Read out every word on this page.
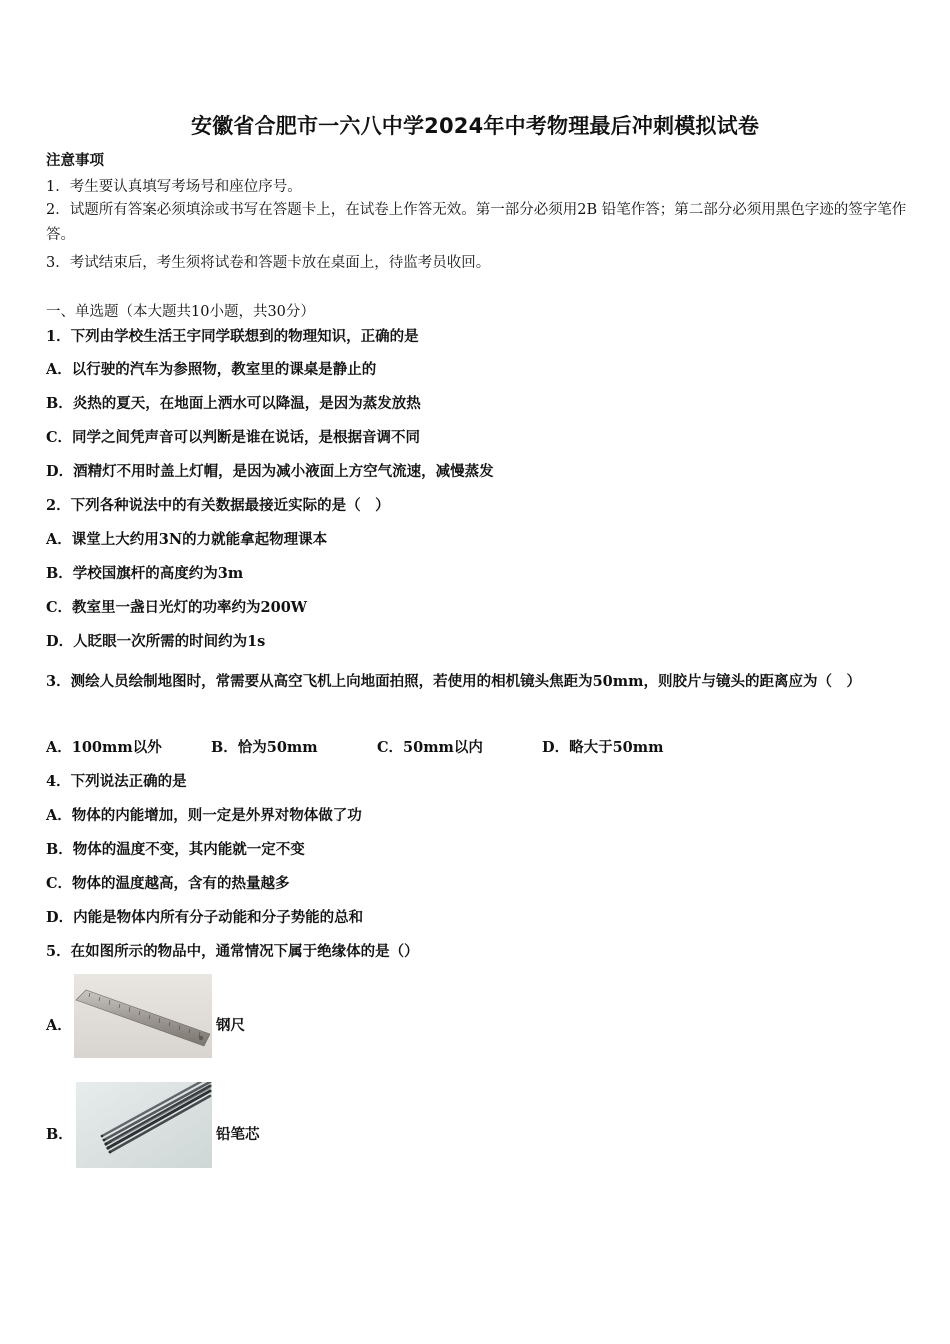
安徽省合肥市一六八中学2024年中考物理最后冲刺模拟试卷
注意事项
1．考生要认真填写考场号和座位序号。
2．试题所有答案必须填涂或书写在答题卡上，在试卷上作答无效。第一部分必须用2B 铅笔作答；第二部分必须用黑色字迹的签字笔作答。
3．考试结束后，考生须将试卷和答题卡放在桌面上，待监考员收回。
一、单选题（本大题共10小题，共30分）
1．下列由学校生活王宇同学联想到的物理知识，正确的是
A．以行驶的汽车为参照物，教室里的课桌是静止的
B．炎热的夏天，在地面上洒水可以降温，是因为蒸发放热
C．同学之间凭声音可以判断是谁在说话，是根据音调不同
D．酒精灯不用时盖上灯帽，是因为减小液面上方空气流速，减慢蒸发
2．下列各种说法中的有关数据最接近实际的是（　）
A．课堂上大约用3N的力就能拿起物理课本
B．学校国旗杆的高度约为3m
C．教室里一盏日光灯的功率约为200W
D．人眨眼一次所需的时间约为1s
3．测绘人员绘制地图时，常需要从高空飞机上向地面拍照，若使用的相机镜头焦距为50mm，则胶片与镜头的距离应为（　）
A．100mm以外	B．恰为50mm	C．50mm以内	D．略大于50mm
4．下列说法正确的是
A．物体的内能增加，则一定是外界对物体做了功
B．物体的温度不变，其内能就一定不变
C．物体的温度越高，含有的热量越多
D．内能是物体内所有分子动能和分子势能的总和
5．在如图所示的物品中，通常情况下属于绝缘体的是（）
A．	钢尺
B．	铅笔芯
